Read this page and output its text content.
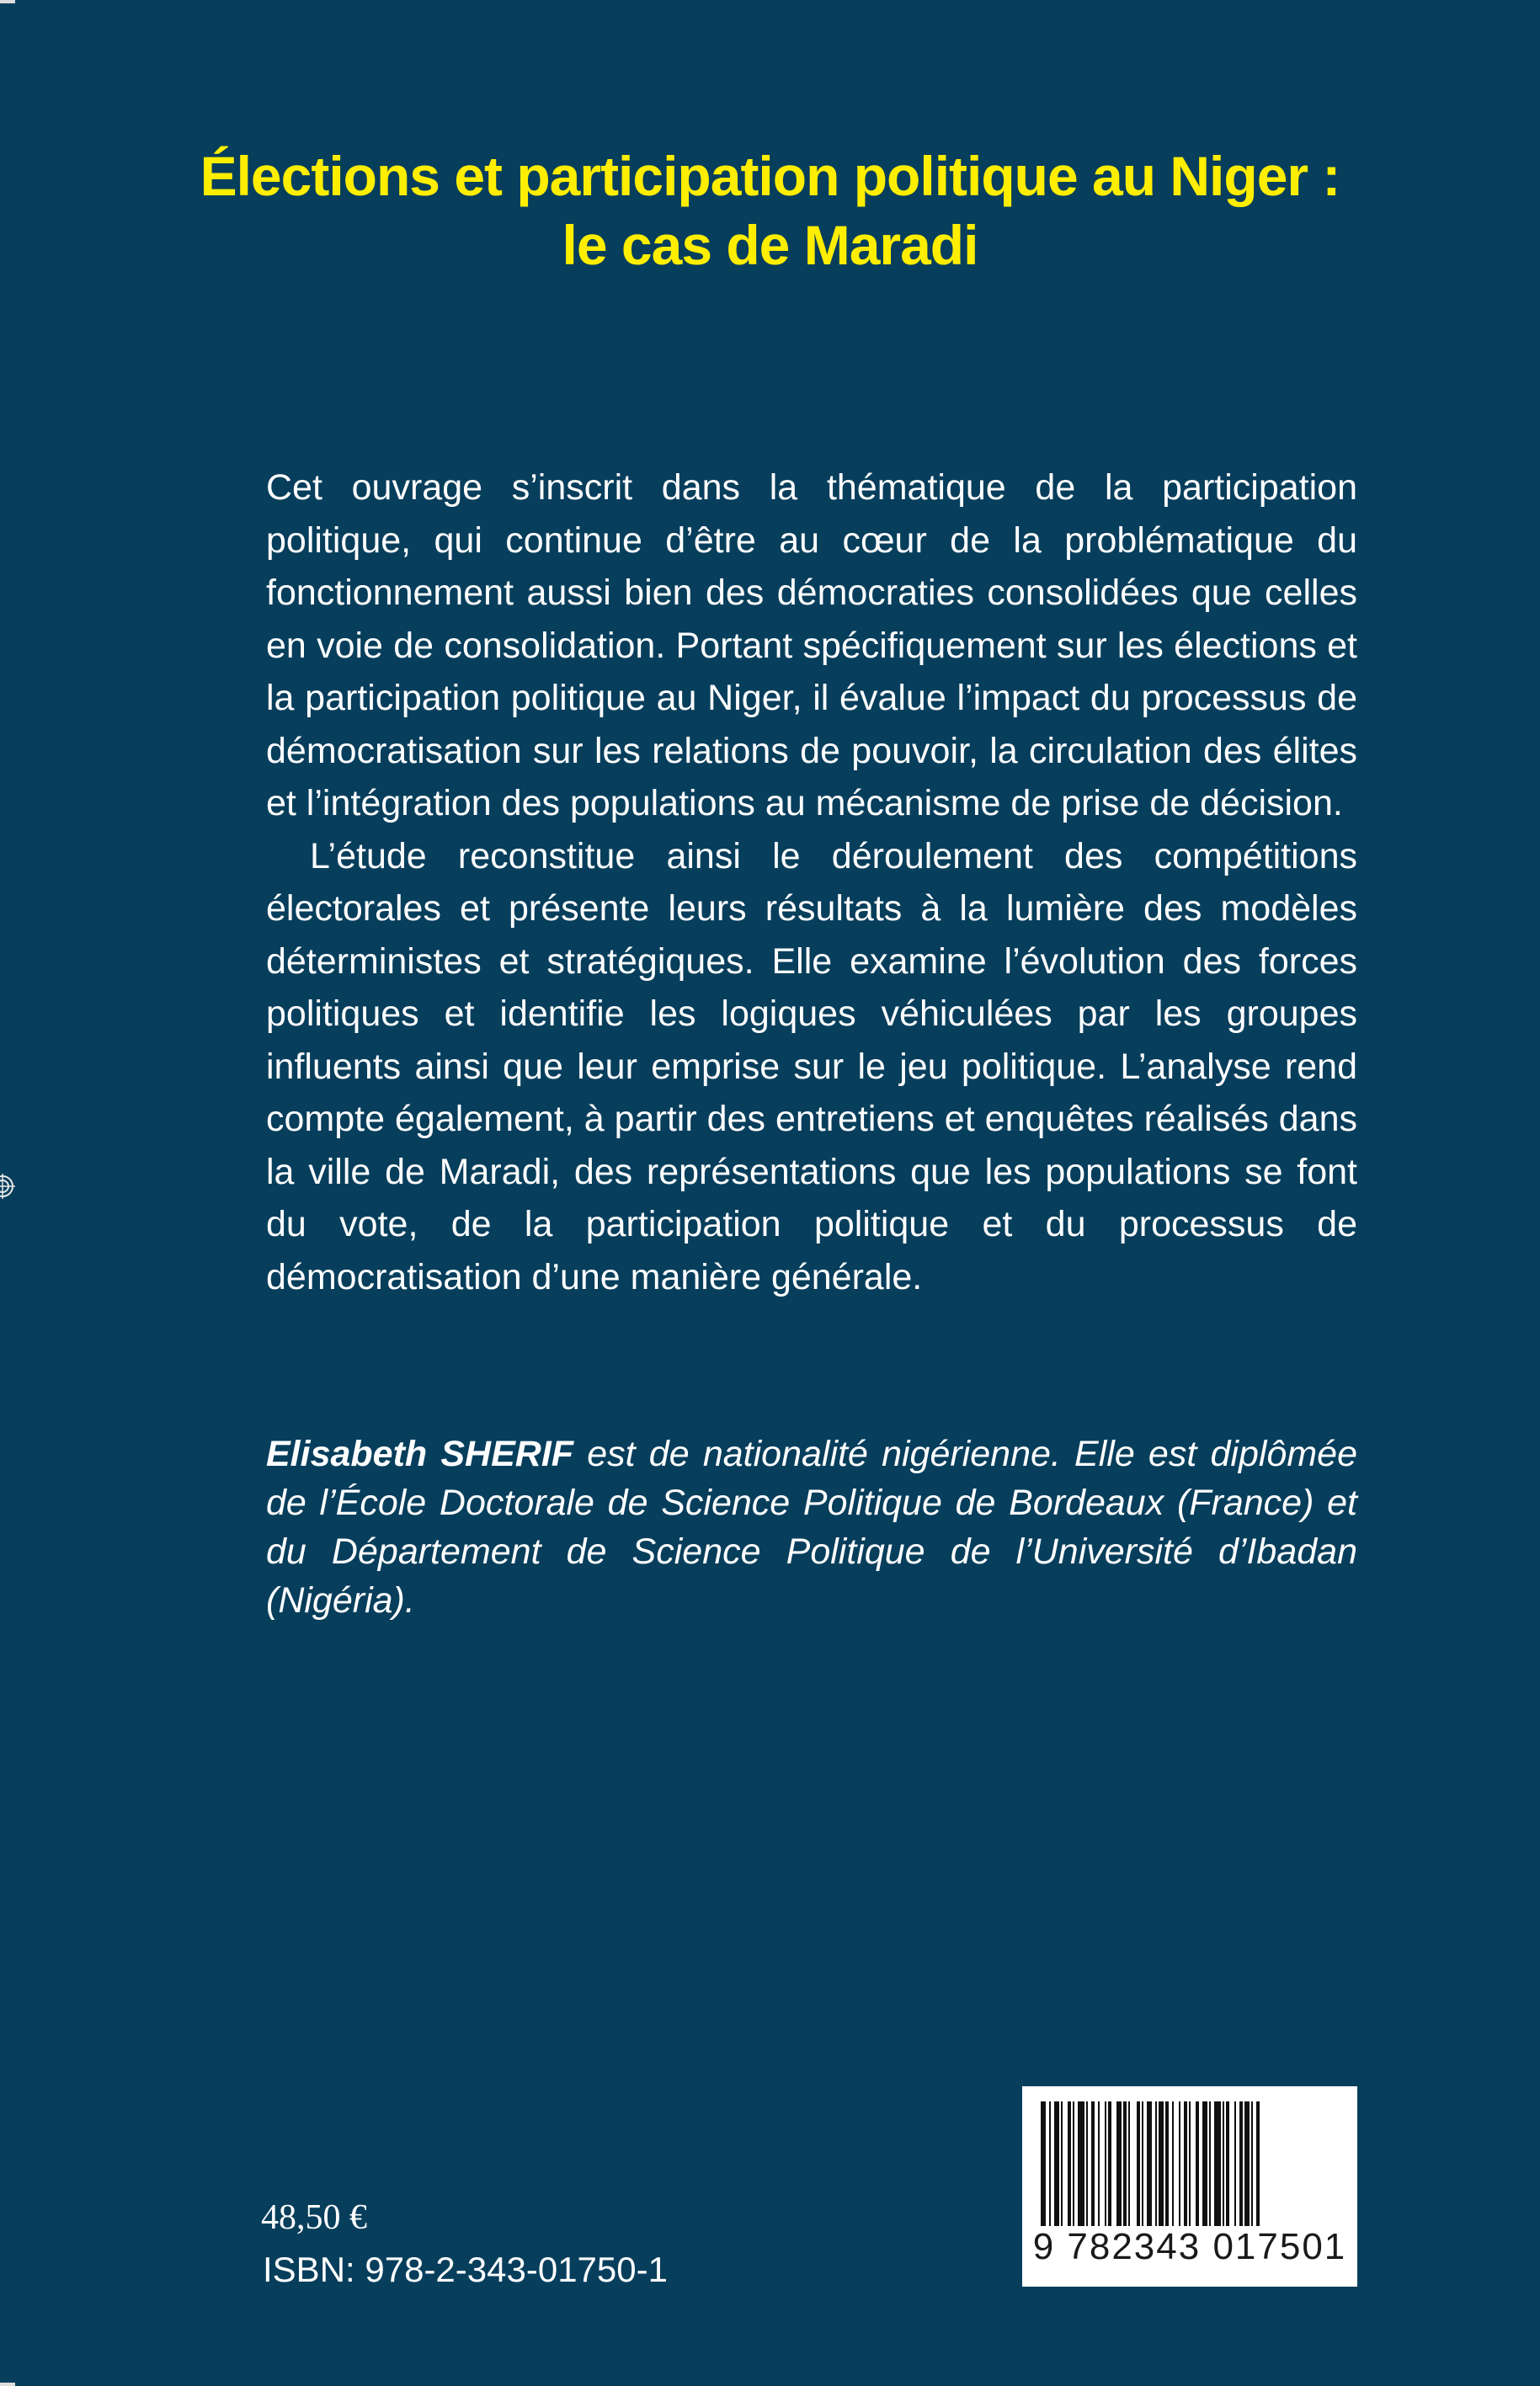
Élections et participation politique au Niger :
le cas de Maradi

Cet ouvrage s’inscrit dans la thématique de la participation politique, qui continue d’être au cœur de la problématique du fonctionnement aussi bien des démocraties consolidées que celles en voie de consolidation. Portant spécifiquement sur les élections et la participation politique au Niger, il évalue l’impact du processus de démocratisation sur les relations de pouvoir, la circulation des élites et l’intégration des populations au mécanisme de prise de décision.

L’étude reconstitue ainsi le déroulement des compétitions électorales et présente leurs résultats à la lumière des modèles déterministes et stratégiques. Elle examine l’évolution des forces politiques et identifie les logiques véhiculées par les groupes influents ainsi que leur emprise sur le jeu politique. L’analyse rend compte également, à partir des entretiens et enquêtes réalisés dans la ville de Maradi, des représentations que les populations se font du vote, de la participation politique et du processus de démocratisation d’une manière générale.

Elisabeth SHERIF est de nationalité nigérienne. Elle est diplômée de l’École Doctorale de Science Politique de Bordeaux (France) et du Département de Science Politique de l’Université d’Ibadan (Nigéria).
48,50 €
ISBN: 978-2-343-01750-1
9 782343 017501
